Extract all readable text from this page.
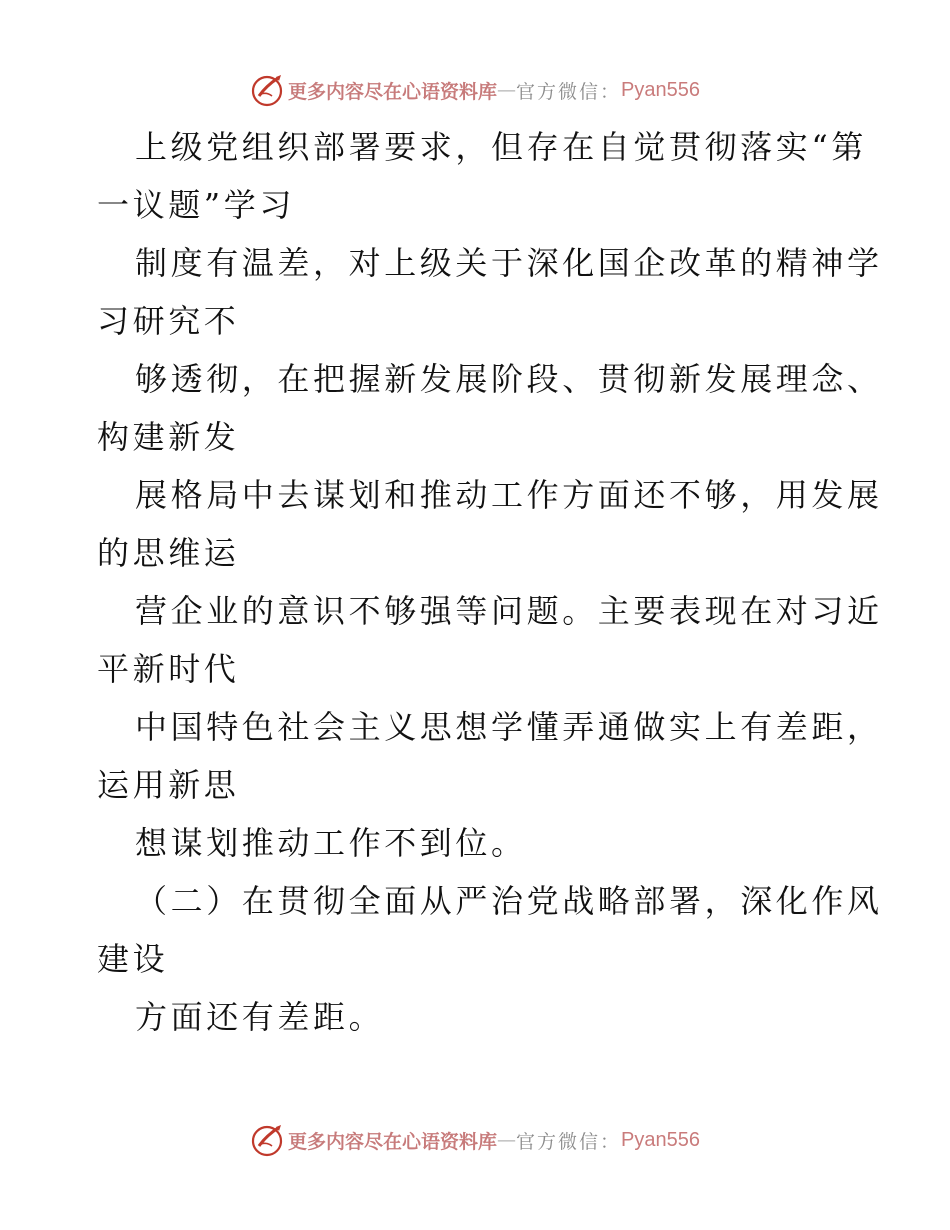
更多内容尽在心语资料库 — 官方微信： Pyan556
上级党组织部署要求，但存在自觉贯彻落实“第
一议题”学习
制度有温差，对上级关于深化国企改革的精神学
习研究不
够透彻，在把握新发展阶段、贯彻新发展理念、
构建新发
展格局中去谋划和推动工作方面还不够，用发展
的思维运
营企业的意识不够强等问题。主要表现在对习近
平新时代
中国特色社会主义思想学懂弄通做实上有差距，
运用新思
想谋划推动工作不到位。
（二）在贯彻全面从严治党战略部署，深化作风
建设
方面还有差距。
更多内容尽在心语资料库 — 官方微信： Pyan556
